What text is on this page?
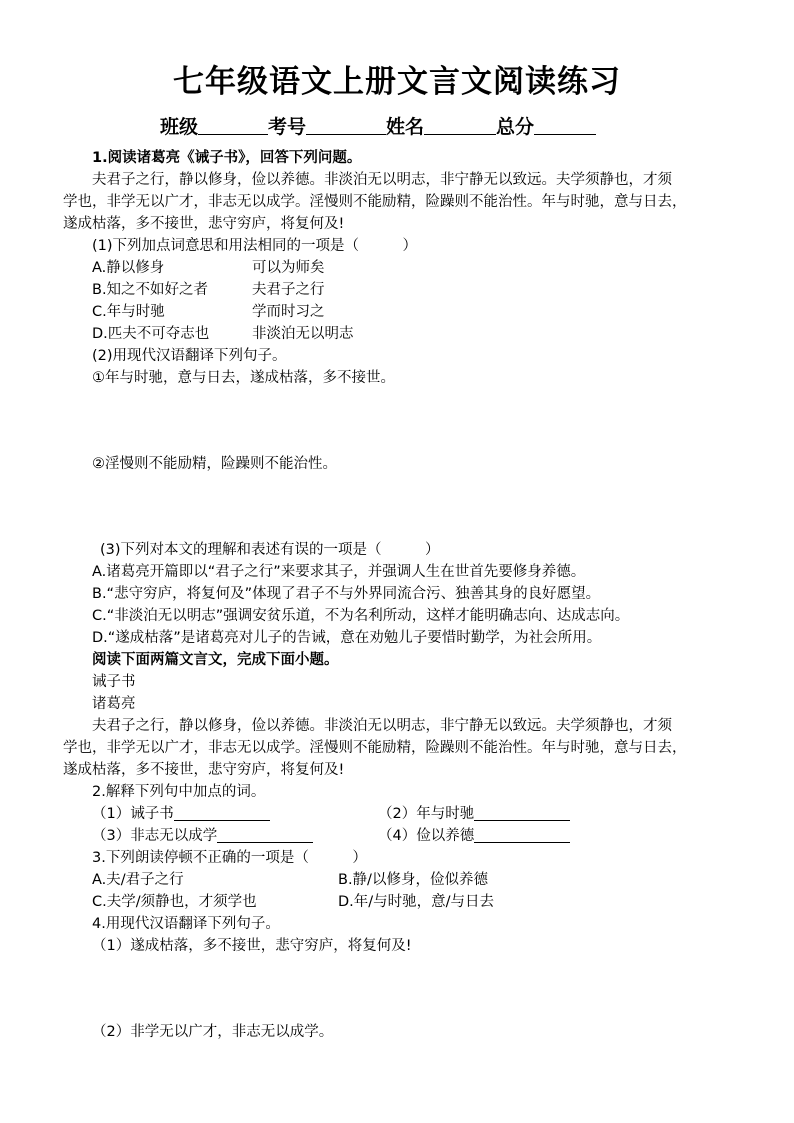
七年级语文上册文言文阅读练习
班级	考号	姓名	总分
1.阅读诸葛亮《诫子书》，回答下列问题。
夫君子之行，静以修身，俭以养德。非淡泊无以明志，非宁静无以致远。夫学须静也，才须
学也，非学无以广才，非志无以成学。淫慢则不能励精，险躁则不能治性。年与时驰，意与日去，
遂成枯落，多不接世，悲守穷庐，将复何及!
(1)下列加点词意思和用法相同的一项是（　　　）
A.静以修身	可以为师矣
B.知之不如好之者	夫君子之行
C.年与时驰	学而时习之
D.匹夫不可夺志也	非淡泊无以明志
(2)用现代汉语翻译下列句子。
①年与时驰，意与日去，遂成枯落，多不接世。
②淫慢则不能励精，险躁则不能治性。
(3)下列对本文的理解和表述有误的一项是（　　　）
A.诸葛亮开篇即以“君子之行”来要求其子，并强调人生在世首先要修身养德。
B.“悲守穷庐，将复何及”体现了君子不与外界同流合污、独善其身的良好愿望。
C.“非淡泊无以明志”强调安贫乐道，不为名利所动，这样才能明确志向、达成志向。
D.“遂成枯落”是诸葛亮对儿子的告诫，意在劝勉儿子要惜时勤学，为社会所用。
阅读下面两篇文言文，完成下面小题。
诫子书
诸葛亮
夫君子之行，静以修身，俭以养德。非淡泊无以明志，非宁静无以致远。夫学须静也，才须
学也，非学无以广才，非志无以成学。淫慢则不能励精，险躁则不能治性。年与时驰，意与日去，
遂成枯落，多不接世，悲守穷庐，将复何及!
2.解释下列句中加点的词。
（1）诫子书	（2）年与时驰
（3）非志无以成学	（4）俭以养德
3.下列朗读停顿不正确的一项是（　　　）
A.夫/君子之行	B.静/以修身，俭似养德
C.夫学/须静也，才须学也	D.年/与时驰，意/与日去
4.用现代汉语翻译下列句子。
（1）遂成枯落，多不接世，悲守穷庐，将复何及!
（2）非学无以广才，非志无以成学。
